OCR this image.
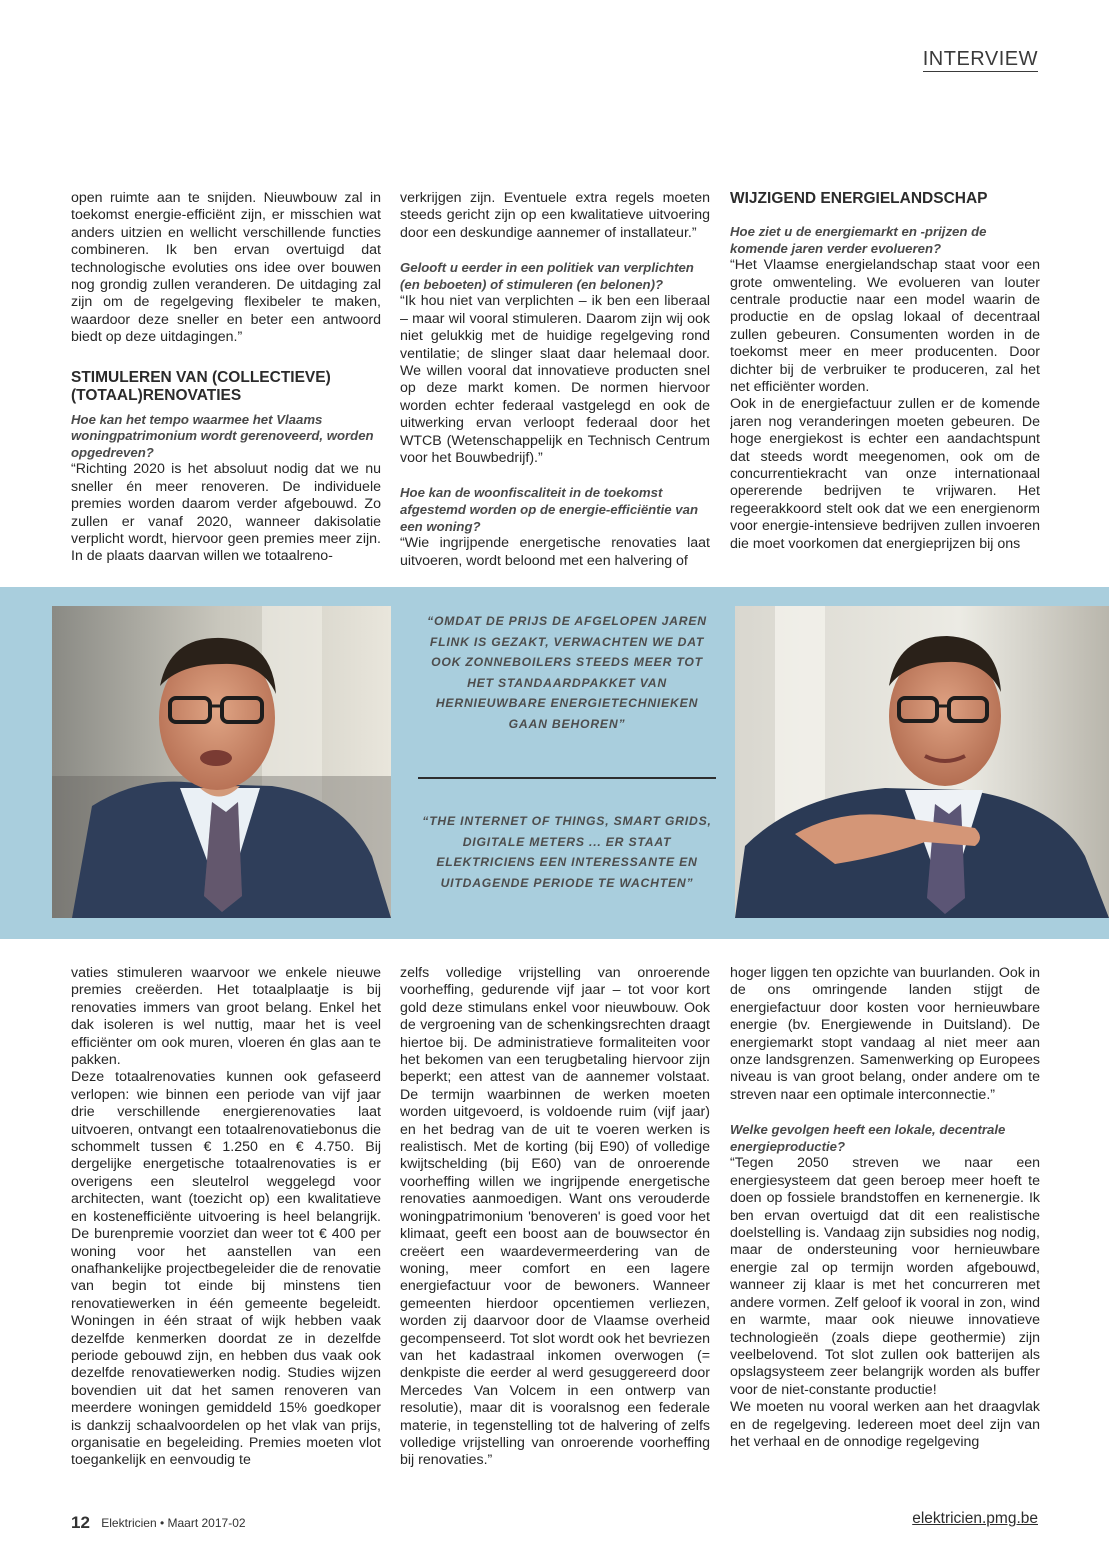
INTERVIEW

open ruimte aan te snijden. Nieuwbouw zal in toekomst energie-efficiënt zijn, er misschien wat anders uitzien en wellicht verschillende functies combineren. Ik ben ervan overtuigd dat technologische evoluties ons idee over bouwen nog grondig zullen veranderen. De uitdaging zal zijn om de regelgeving flexibeler te maken, waardoor deze sneller en beter een antwoord biedt op deze uitdagingen.”

STIMULEREN VAN (COLLECTIEVE) (TOTAAL)RENOVATIES

Hoe kan het tempo waarmee het Vlaams woningpatrimonium wordt gerenoveerd, worden opgedreven?

“Richting 2020 is het absoluut nodig dat we nu sneller én meer renoveren. De individuele premies worden daarom verder afgebouwd. Zo zullen er vanaf 2020, wanneer dakisolatie verplicht wordt, hiervoor geen premies meer zijn. In de plaats daarvan willen we totaalreno-

verkrijgen zijn. Eventuele extra regels moeten steeds gericht zijn op een kwalitatieve uitvoering door een deskundige aannemer of installateur.”

Gelooft u eerder in een politiek van verplichten (en beboeten) of stimuleren (en belonen)?

“Ik hou niet van verplichten – ik ben een liberaal – maar wil vooral stimuleren. Daarom zijn wij ook niet gelukkig met de huidige regelgeving rond ventilatie; de slinger slaat daar helemaal door. We willen vooral dat innovatieve producten snel op deze markt komen. De normen hiervoor worden echter federaal vastgelegd en ook de uitwerking ervan verloopt federaal door het WTCB (Wetenschappelijk en Technisch Centrum voor het Bouwbedrijf).”

Hoe kan de woonfiscaliteit in de toekomst afgestemd worden op de energie-efficiëntie van een woning?

“Wie ingrijpende energetische renovaties laat uitvoeren, wordt beloond met een halvering of

WIJZIGEND ENERGIELANDSCHAP

Hoe ziet u de energiemarkt en -prijzen de komende jaren verder evolueren?

“Het Vlaamse energielandschap staat voor een grote omwenteling. We evolueren van louter centrale productie naar een model waarin de productie en de opslag lokaal of decentraal zullen gebeuren. Consumenten worden in de toekomst meer en meer producenten. Door dichter bij de verbruiker te produceren, zal het net efficiënter worden.

Ook in de energiefactuur zullen er de komende jaren nog veranderingen moeten gebeuren. De hoge energiekost is echter een aandachtspunt dat steeds wordt meegenomen, ook om de concurrentiekracht van onze internationaal opererende bedrijven te vrijwaren. Het regeerakkoord stelt ook dat we een energienorm voor energie-intensieve bedrijven zullen invoeren die moet voorkomen dat energieprijzen bij ons

“OMDAT DE PRIJS DE AFGELOPEN JAREN FLINK IS GEZAKT, VERWACHTEN WE DAT OOK ZONNEBOILERS STEEDS MEER TOT HET STANDAARDPAKKET VAN HERNIEUWBARE ENERGIETECHNIEKEN GAAN BEHOREN”
“THE INTERNET OF THINGS, SMART GRIDS, DIGITALE METERS ... ER STAAT ELEKTRICIENS EEN INTERESSANTE EN UITDAGENDE PERIODE TE WACHTEN”

vaties stimuleren waarvoor we enkele nieuwe premies creëerden. Het totaalplaatje is bij renovaties immers van groot belang. Enkel het dak isoleren is wel nuttig, maar het is veel efficiënter om ook muren, vloeren én glas aan te pakken.

Deze totaalrenovaties kunnen ook gefaseerd verlopen: wie binnen een periode van vijf jaar drie verschillende energierenovaties laat uitvoeren, ontvangt een totaalrenovatiebonus die schommelt tussen € 1.250 en € 4.750. Bij dergelijke energetische totaalrenovaties is er overigens een sleutelrol weggelegd voor architecten, want (toezicht op) een kwalitatieve en kostenefficiënte uitvoering is heel belangrijk. De burenpremie voorziet dan weer tot € 400 per woning voor het aanstellen van een onafhankelijke projectbegeleider die de renovatie van begin tot einde bij minstens tien renovatiewerken in één gemeente begeleidt. Woningen in één straat of wijk hebben vaak dezelfde kenmerken doordat ze in dezelfde periode gebouwd zijn, en hebben dus vaak ook dezelfde renovatiewerken nodig. Studies wijzen bovendien uit dat het samen renoveren van meerdere woningen gemiddeld 15% goedkoper is dankzij schaalvoordelen op het vlak van prijs, organisatie en begeleiding. Premies moeten vlot toegankelijk en eenvoudig te

zelfs volledige vrijstelling van onroerende voorheffing, gedurende vijf jaar – tot voor kort gold deze stimulans enkel voor nieuwbouw. Ook de vergroening van de schenkingsrechten draagt hiertoe bij. De administratieve formaliteiten voor het bekomen van een terugbetaling hiervoor zijn beperkt; een attest van de aannemer volstaat. De termijn waarbinnen de werken moeten worden uitgevoerd, is voldoende ruim (vijf jaar) en het bedrag van de uit te voeren werken is realistisch. Met de korting (bij E90) of volledige kwijtschelding (bij E60) van de onroerende voorheffing willen we ingrijpende energetische renovaties aanmoedigen. Want ons verouderde woningpatrimonium 'benoveren' is goed voor het klimaat, geeft een boost aan de bouwsector én creëert een waardevermeerdering van de woning, meer comfort en een lagere energiefactuur voor de bewoners. Wanneer gemeenten hierdoor opcentiemen verliezen, worden zij daarvoor door de Vlaamse overheid gecompenseerd. Tot slot wordt ook het bevriezen van het kadastraal inkomen overwogen (= denkpiste die eerder al werd gesuggereerd door Mercedes Van Volcem in een ontwerp van resolutie), maar dit is vooralsnog een federale materie, in tegenstelling tot de halvering of zelfs volledige vrijstelling van onroerende voorheffing bij renovaties.”

hoger liggen ten opzichte van buurlanden. Ook in de ons omringende landen stijgt de energiefactuur door kosten voor hernieuwbare energie (bv. Energiewende in Duitsland). De energiemarkt stopt vandaag al niet meer aan onze landsgrenzen. Samenwerking op Europees niveau is van groot belang, onder andere om te streven naar een optimale interconnectie.”

Welke gevolgen heeft een lokale, decentrale energieproductie?

“Tegen 2050 streven we naar een energiesysteem dat geen beroep meer hoeft te doen op fossiele brandstoffen en kernenergie. Ik ben ervan overtuigd dat dit een realistische doelstelling is. Vandaag zijn subsidies nog nodig, maar de ondersteuning voor hernieuwbare energie zal op termijn worden afgebouwd, wanneer zij klaar is met het concurreren met andere vormen. Zelf geloof ik vooral in zon, wind en warmte, maar ook nieuwe innovatieve technologieën (zoals diepe geothermie) zijn veelbelovend. Tot slot zullen ook batterijen als opslagsysteem zeer belangrijk worden als buffer voor de niet-constante productie!

We moeten nu vooral werken aan het draagvlak en de regelgeving. Iedereen moet deel zijn van het verhaal en de onnodige regelgeving

12 Elektricien • Maart 2017-02	elektricien.pmg.be
